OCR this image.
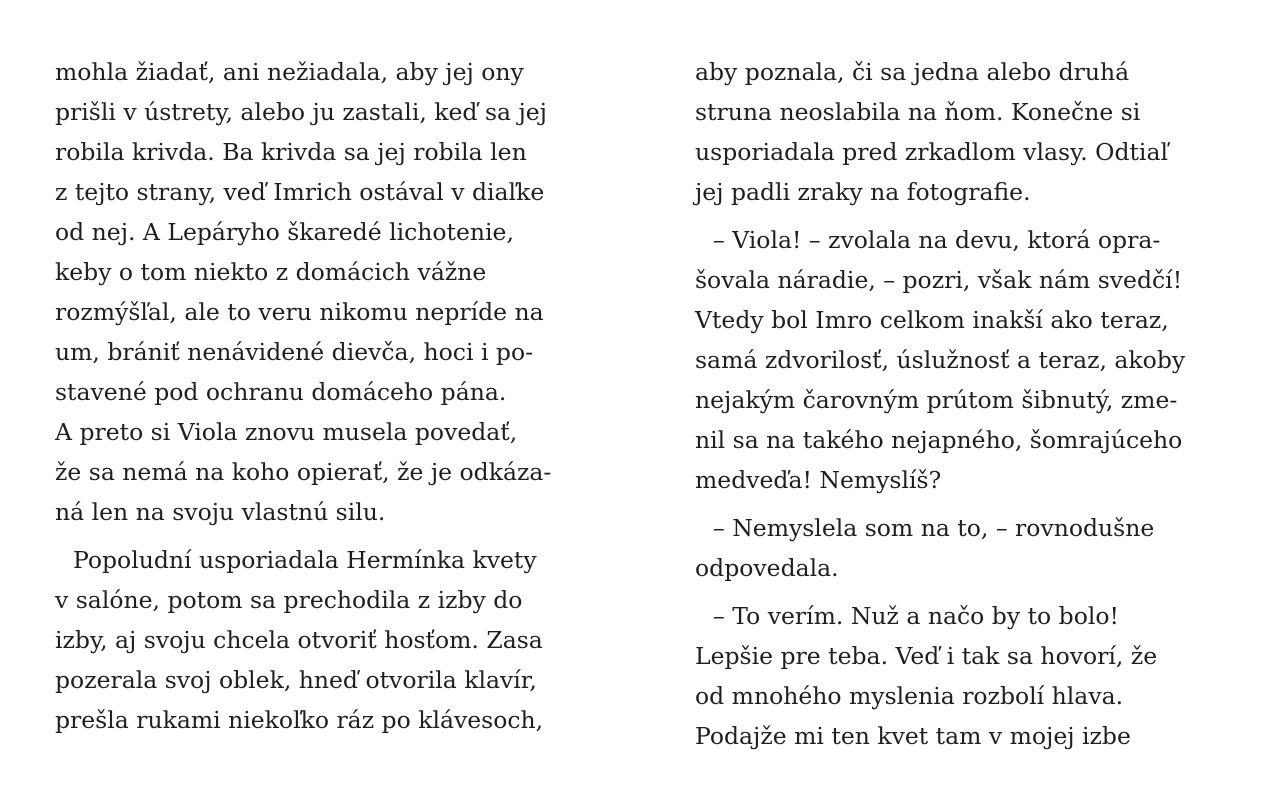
mohla žiadať, ani nežiadala, aby jej ony
prišli v ústrety, alebo ju zastali, keď sa jej
robila krivda. Ba krivda sa jej robila len
z tejto strany, veď Imrich ostával v diaľke
od nej. A Lepáryho škaredé lichotenie,
keby o tom niekto z domácich vážne
rozmýšľal, ale to veru nikomu nepríde na
um, brániť nenávidené dievča, hoci i po-
stavené pod ochranu domáceho pána.
A preto si Viola znovu musela povedať,
že sa nemá na koho opierať, že je odkáza-
ná len na svoju vlastnú silu.
Popoludní usporiadala Hermínka kvety
v salóne, potom sa prechodila z izby do
izby, aj svoju chcela otvoriť hosťom. Zasa
pozerala svoj oblek, hneď otvorila klavír,
prešla rukami niekoľko ráz po klávesoch,
aby poznala, či sa jedna alebo druhá
struna neoslabila na ňom. Konečne si
usporiadala pred zrkadlom vlasy. Odtiaľ
jej padli zraky na fotografie.
– Viola! – zvolala na devu, ktorá opra-
šovala náradie, – pozri, však nám svedčí!
Vtedy bol Imro celkom inakší ako teraz,
samá zdvorilosť, úslužnosť a teraz, akoby
nejakým čarovným prútom šibnutý, zme-
nil sa na takého nejapného, šomrajúceho
medveďa! Nemyslíš?
– Nemyslela som na to, – rovnodušne
odpovedala.
– To verím. Nuž a načo by to bolo!
Lepšie pre teba. Veď i tak sa hovorí, že
od mnohého myslenia rozbolí hlava.
Podajže mi ten kvet tam v mojej izbe
